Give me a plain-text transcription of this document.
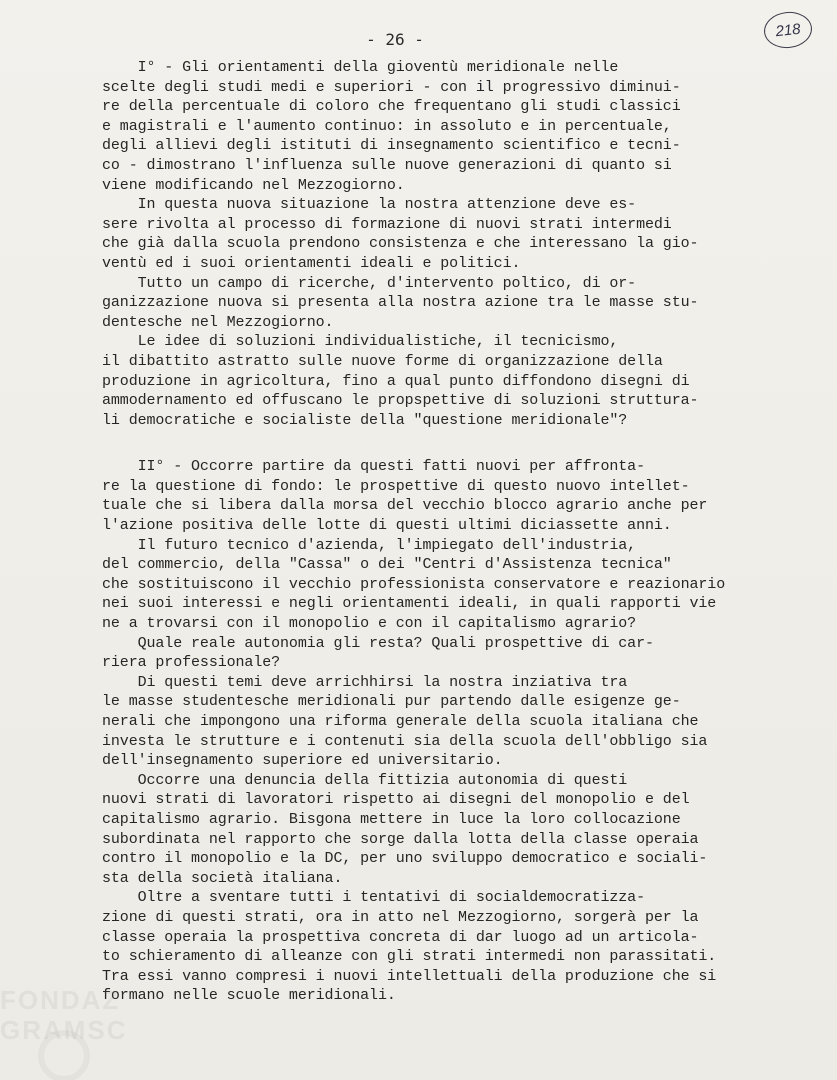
- 26 -	218
I° - Gli orientamenti della gioventù meridionale nelle
scelte degli studi medi e superiori - con il progressivo diminui-
re della percentuale di coloro che frequentano gli studi classici
e magistrali e l'aumento continuo: in assoluto e in percentuale,
degli allievi degli istituti di insegnamento scientifico e tecni-
co - dimostrano l'influenza sulle nuove generazioni di quanto si
viene modificando nel Mezzogiorno.
In questa nuova situazione la nostra attenzione deve es-
sere rivolta al processo di formazione di nuovi strati intermedi
che già dalla scuola prendono consistenza e che interessano la gio-
ventù ed i suoi orientamenti ideali e politici.
Tutto un campo di ricerche, d'intervento poltico, di or-
ganizzazione nuova si presenta alla nostra azione tra le masse stu-
dentesche nel Mezzogiorno.
Le idee di soluzioni individualistiche, il tecnicismo,
il dibattito astratto sulle nuove forme di organizzazione della
produzione in agricoltura, fino a qual punto diffondono disegni di
ammodernamento ed offuscano le propspettive di soluzioni struttura-
li democratiche e socialiste della "questione meridionale"?
II° - Occorre partire da questi fatti nuovi per affronta-
re la questione di fondo: le prospettive di questo nuovo intellet-
tuale che si libera dalla morsa del vecchio blocco agrario anche per
l'azione positiva delle lotte di questi ultimi diciassette anni.
Il futuro tecnico d'azienda, l'impiegato dell'industria,
del commercio, della "Cassa" o dei "Centri d'Assistenza tecnica"
che sostituiscono il vecchio professionista conservatore e reazionario
nei suoi interessi e negli orientamenti ideali, in quali rapporti vie
ne a trovarsi con il monopolio e con il capitalismo agrario?
Quale reale autonomia gli resta? Quali prospettive di car-
riera professionale?
Di questi temi deve arrichhirsi la nostra inziativa tra
le masse studentesche meridionali pur partendo dalle esigenze ge-
nerali che impongono una riforma generale della scuola italiana che
investa le strutture e i contenuti sia della scuola dell'obbligo sia
dell'insegnamento superiore ed universitario.
Occorre una denuncia della fittizia autonomia di questi
nuovi strati di lavoratori rispetto ai disegni del monopolio e del
capitalismo agrario. Bisgona mettere in luce la loro collocazione
subordinata nel rapporto che sorge dalla lotta della classe operaia
contro il monopolio e la DC, per uno sviluppo democratico e sociali-
sta della società italiana.
Oltre a sventare tutti i tentativi di socialdemocratizza-
zione di questi strati, ora in atto nel Mezzogiorno, sorgerà per la
classe operaia la prospettiva concreta di dar luogo ad un articola-
to schieramento di alleanze con gli strati intermedi non parassitati.
Tra essi vanno compresi i nuovi intellettuali della produzione che si
formano nelle scuole meridionali.
FONDAZ
GRAMSC
